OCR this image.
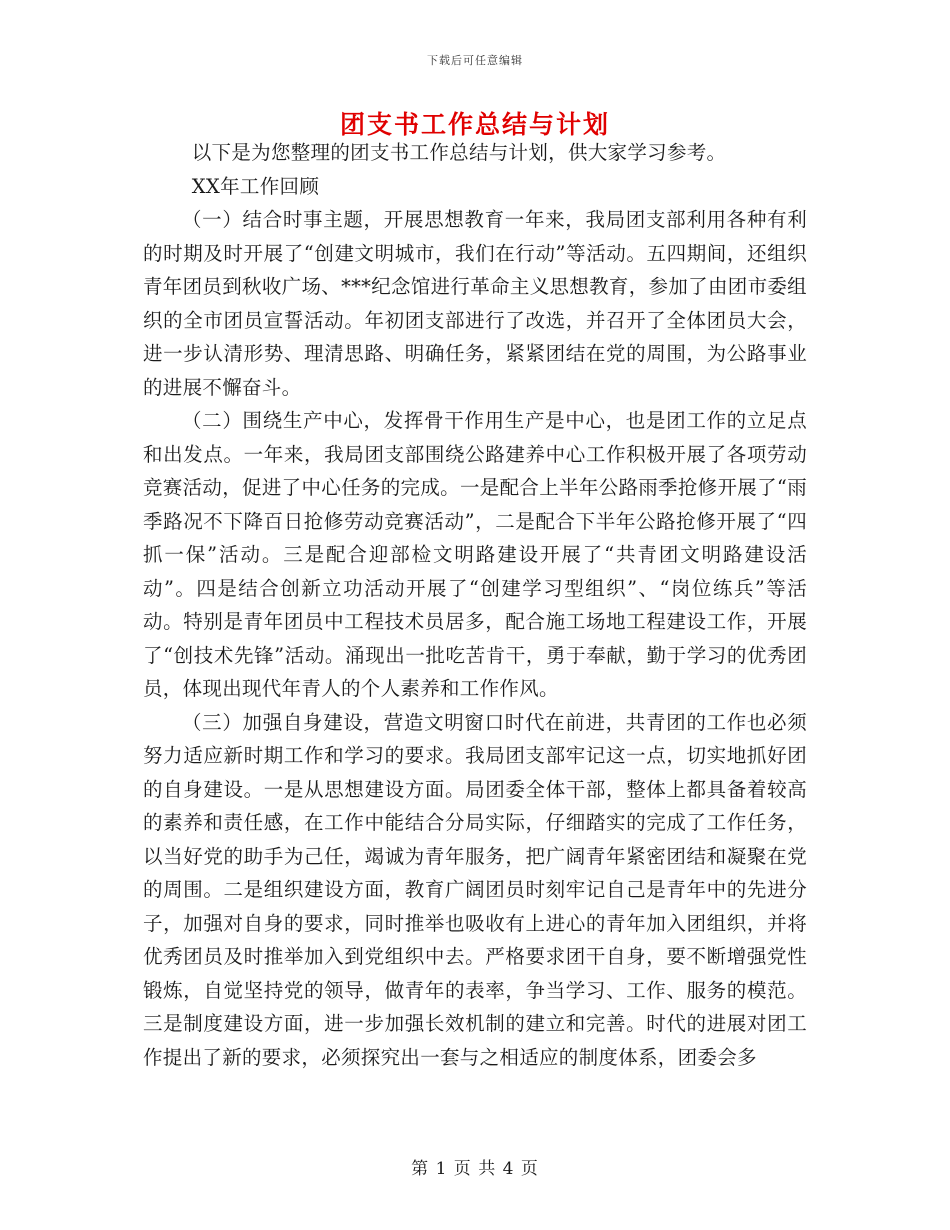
下载后可任意编辑
团支书工作总结与计划

以下是为您整理的团支书工作总结与计划，供大家学习参考。

XX年工作回顾

（一）结合时事主题，开展思想教育一年来，我局团支部利用各种有利的时期及时开展了“创建文明城市，我们在行动”等活动。五四期间，还组织青年团员到秋收广场、***纪念馆进行革命主义思想教育，参加了由团市委组织的全市团员宣誓活动。年初团支部进行了改选，并召开了全体团员大会，进一步认清形势、理清思路、明确任务，紧紧团结在党的周围，为公路事业的进展不懈奋斗。

（二）围绕生产中心，发挥骨干作用生产是中心，也是团工作的立足点和出发点。一年来，我局团支部围绕公路建养中心工作积极开展了各项劳动竞赛活动，促进了中心任务的完成。一是配合上半年公路雨季抢修开展了“雨季路况不下降百日抢修劳动竞赛活动”，二是配合下半年公路抢修开展了“四抓一保”活动。三是配合迎部检文明路建设开展了“共青团文明路建设活动”。四是结合创新立功活动开展了“创建学习型组织”、“岗位练兵”等活动。特别是青年团员中工程技术员居多，配合施工场地工程建设工作，开展了“创技术先锋”活动。涌现出一批吃苦肯干，勇于奉献，勤于学习的优秀团员，体现出现代年青人的个人素养和工作作风。

（三）加强自身建设，营造文明窗口时代在前进，共青团的工作也必须努力适应新时期工作和学习的要求。我局团支部牢记这一点，切实地抓好团的自身建设。一是从思想建设方面。局团委全体干部，整体上都具备着较高的素养和责任感，在工作中能结合分局实际，仔细踏实的完成了工作任务，以当好党的助手为己任，竭诚为青年服务，把广阔青年紧密团结和凝聚在党的周围。二是组织建设方面，教育广阔团员时刻牢记自己是青年中的先进分子，加强对自身的要求，同时推举也吸收有上进心的青年加入团组织，并将优秀团员及时推举加入到党组织中去。严格要求团干自身，要不断增强党性锻炼，自觉坚持党的领导，做青年的表率，争当学习、工作、服务的模范。三是制度建设方面，进一步加强长效机制的建立和完善。时代的进展对团工作提出了新的要求，必须探究出一套与之相适应的制度体系，团委会多

第 1 页 共 4 页
